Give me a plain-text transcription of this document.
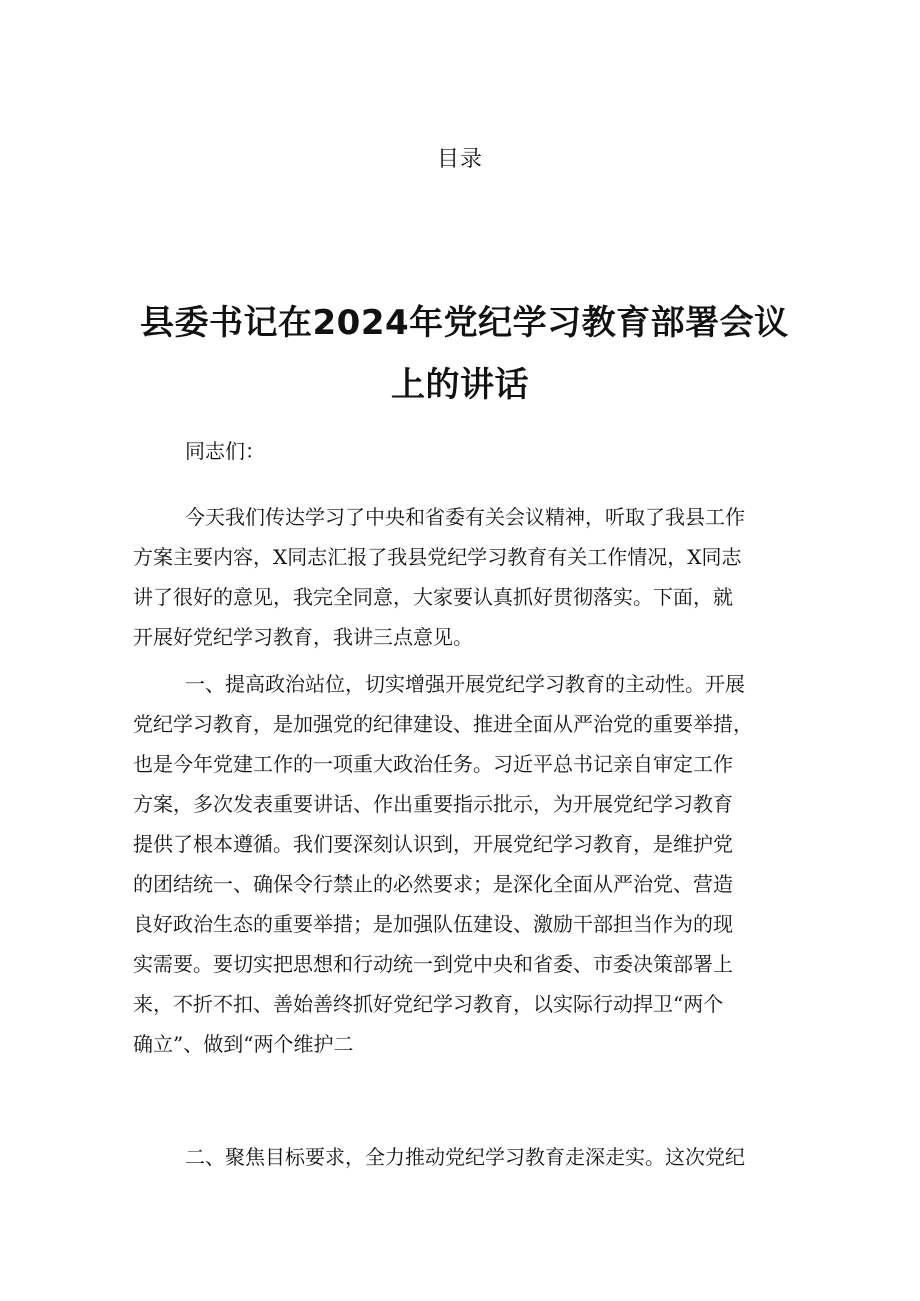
目录
县委书记在2024年党纪学习教育部署会议
上的讲话
同志们：
今天我们传达学习了中央和省委有关会议精神，听取了我县工作
方案主要内容，X同志汇报了我县党纪学习教育有关工作情况，X同志
讲了很好的意见，我完全同意，大家要认真抓好贯彻落实。下面，就
开展好党纪学习教育，我讲三点意见。
一、提高政治站位，切实增强开展党纪学习教育的主动性。开展
党纪学习教育，是加强党的纪律建设、推进全面从严治党的重要举措，
也是今年党建工作的一项重大政治任务。习近平总书记亲自审定工作
方案，多次发表重要讲话、作出重要指示批示，为开展党纪学习教育
提供了根本遵循。我们要深刻认识到，开展党纪学习教育，是维护党
的团结统一、确保令行禁止的必然要求；是深化全面从严治党、营造
良好政治生态的重要举措；是加强队伍建设、激励干部担当作为的现
实需要。要切实把思想和行动统一到党中央和省委、市委决策部署上
来，不折不扣、善始善终抓好党纪学习教育，以实际行动捍卫“两个
确立”、做到“两个维护二
二、聚焦目标要求，全力推动党纪学习教育走深走实。这次党纪
